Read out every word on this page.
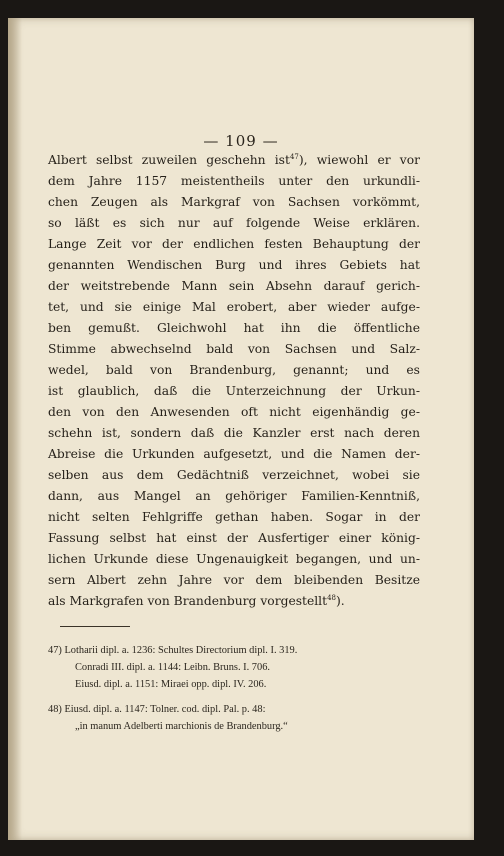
— 109 —
Albert selbst zuweilen geschehn ist$^{47}$), wiewohl er vor
dem Jahre 1157 meistentheils unter den urkundli-
chen Zeugen als Markgraf von Sachsen vorkömmt,
so läßt es sich nur auf folgende Weise erklären.
Lange Zeit vor der endlichen festen Behauptung der
genannten Wendischen Burg und ihres Gebiets hat
der weitstrebende Mann sein Absehn darauf gerich-
tet, und sie einige Mal erobert, aber wieder aufge-
ben gemußt. Gleichwohl hat ihn die öffentliche
Stimme abwechselnd bald von Sachsen und Salz-
wedel, bald von Brandenburg, genannt; und es
ist glaublich, daß die Unterzeichnung der Urkun-
den von den Anwesenden oft nicht eigenhändig ge-
schehn ist, sondern daß die Kanzler erst nach deren
Abreise die Urkunden aufgesetzt, und die Namen der-
selben aus dem Gedächtniß verzeichnet, wobei sie
dann, aus Mangel an gehöriger Familien-Kenntniß,
nicht selten Fehlgriffe gethan haben. Sogar in der
Fassung selbst hat einst der Ausfertiger einer könig-
lichen Urkunde diese Ungenauigkeit begangen, und un-
sern Albert zehn Jahre vor dem bleibenden Besitze
als Markgrafen von Brandenburg vorgestellt$^{48}$).
47) Lotharii dipl. a. 1236: Schultes Directorium dipl. I. 319.
Conradi III. dipl. a. 1144: Leibn. Bruns. I. 706.
Eiusd. dipl. a. 1151: Miraei opp. dipl. IV. 206.
48) Eiusd. dipl. a. 1147: Tolner. cod. dipl. Pal. p. 48:
„in manum Adelberti marchionis de Brandenburg.“
